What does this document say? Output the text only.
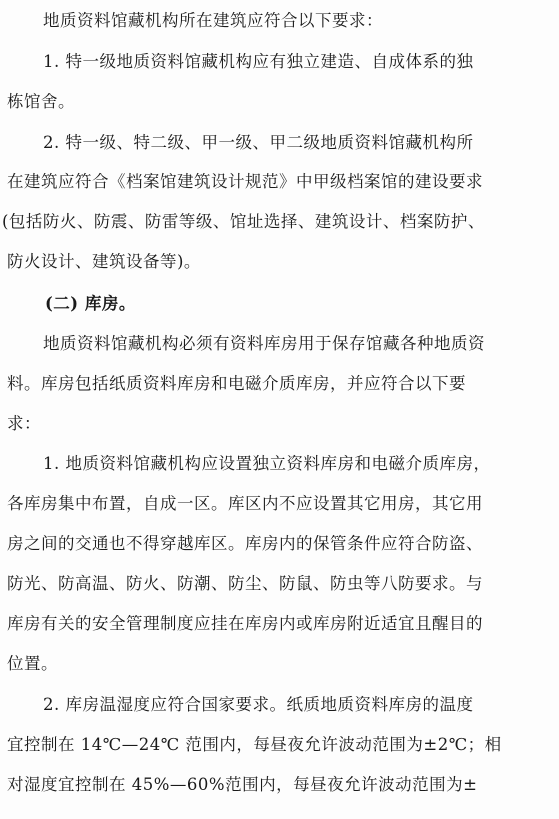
地质资料馆藏机构所在建筑应符合以下要求：
1. 特一级地质资料馆藏机构应有独立建造、自成体系的独
栋馆舍。
2. 特一级、特二级、甲一级、甲二级地质资料馆藏机构所
在建筑应符合《档案馆建筑设计规范》中甲级档案馆的建设要求
(包括防火、防震、防雷等级、馆址选择、建筑设计、档案防护、
防火设计、建筑设备等)。
(二) 库房。
地质资料馆藏机构必须有资料库房用于保存馆藏各种地质资
料。库房包括纸质资料库房和电磁介质库房，并应符合以下要
求：
1. 地质资料馆藏机构应设置独立资料库房和电磁介质库房，
各库房集中布置，自成一区。库区内不应设置其它用房，其它用
房之间的交通也不得穿越库区。库房内的保管条件应符合防盗、
防光、防高温、防火、防潮、防尘、防鼠、防虫等八防要求。与
库房有关的安全管理制度应挂在库房内或库房附近适宜且醒目的
位置。
2. 库房温湿度应符合国家要求。纸质地质资料库房的温度
宜控制在 14℃—24℃ 范围内，每昼夜允许波动范围为±2℃；相
对湿度宜控制在 45%—60%范围内，每昼夜允许波动范围为±
